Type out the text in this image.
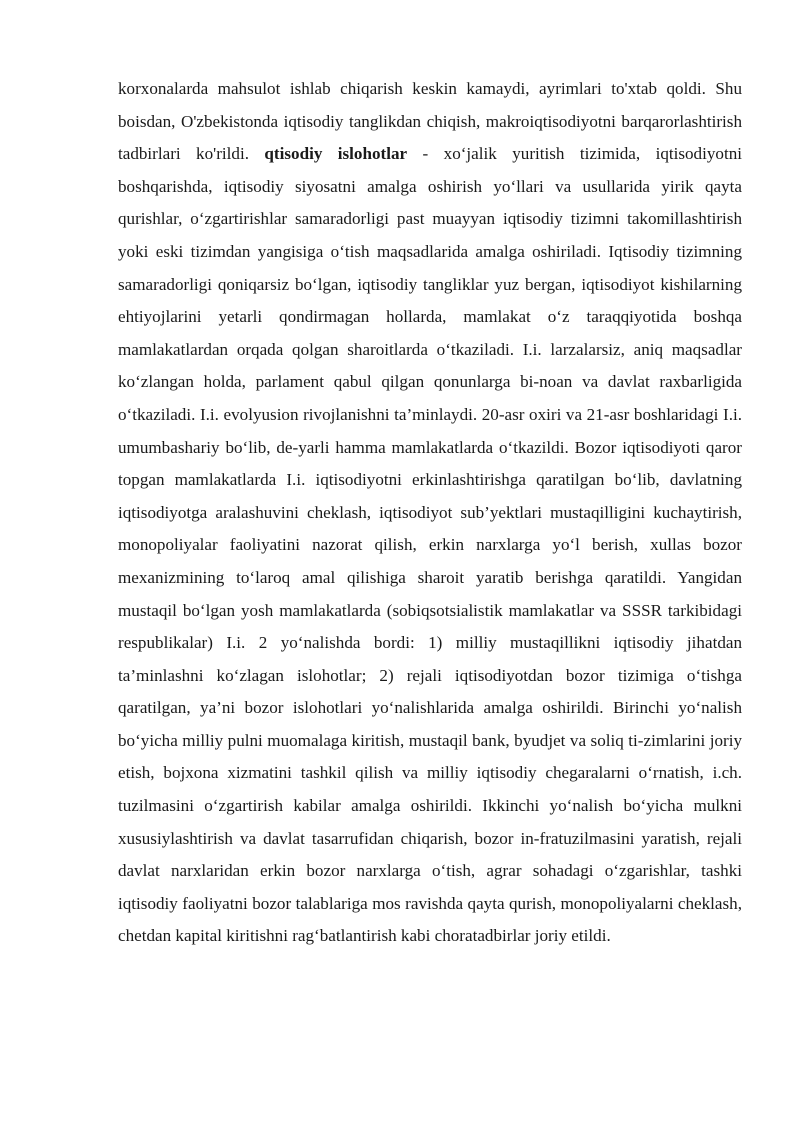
korxonalarda mahsulot ishlab chiqarish keskin kamaydi, ayrimlari to'xtab qoldi. Shu boisdan, O'zbekistonda iqtisodiy tanglikdan chiqish, makroiqtisodiyotni barqarorlashtirish tadbirlari ko'rildi. qtisodiy islohotlar - xo‘jalik yuritish tizimida, iqtisodiyotni boshqarishda, iqtisodiy siyosatni amalga oshirish yo‘llari va usullarida yirik qayta qurishlar, o‘zgartirishlar samaradorligi past muayyan iqtisodiy tizimni takomillashtirish yoki eski tizimdan yangisiga o‘tish maqsadlarida amalga oshiriladi. Iqtisodiy tizimning samaradorligi qoniqarsiz bo‘lgan, iqtisodiy tangliklar yuz bergan, iqtisodiyot kishilarning ehtiyojlarini yetarli qondirmagan hollarda, mamlakat o‘z taraqqiyotida boshqa mamlakatlardan orqada qolgan sharoitlarda o‘tkaziladi. I.i. larzalarsiz, aniq maqsadlar ko‘zlangan holda, parlament qabul qilgan qonunlarga bi-noan va davlat raxbarligida o‘tkaziladi. I.i. evolyusion rivojlanishni ta’minlaydi. 20-asr oxiri va 21-asr boshlaridagi I.i. umumbashariy bo‘lib, de-yarli hamma mamlakatlarda o‘tkazildi. Bozor iqtisodiyoti qaror topgan mamlakatlarda I.i. iqtisodiyotni erkinlashtirishga qaratilgan bo‘lib, davlatning iqtisodiyotga aralashuvini cheklash, iqtisodiyot sub’yektlari mustaqilligini kuchaytirish, monopoliyalar faoliyatini nazorat qilish, erkin narxlarga yo‘l berish, xullas bozor mexanizmining to‘laroq amal qilishiga sharoit yaratib berishga qaratildi. Yangidan mustaqil bo‘lgan yosh mamlakatlarda (sobiqsotsialistik mamlakatlar va SSSR tarkibidagi respublikalar) I.i. 2 yo‘nalishda bordi: 1) milliy mustaqillikni iqtisodiy jihatdan ta’minlashni ko‘zlagan islohotlar; 2) rejali iqtisodiyotdan bozor tizimiga o‘tishga qaratilgan, ya’ni bozor islohotlari yo‘nalishlarida amalga oshirildi. Birinchi yo‘nalish bo‘yicha milliy pulni muomalaga kiritish, mustaqil bank, byudjet va soliq ti-zimlarini joriy etish, bojxona xizmatini tashkil qilish va milliy iqtisodiy chegaralarni o‘rnatish, i.ch. tuzilmasini o‘zgartirish kabilar amalga oshirildi. Ikkinchi yo‘nalish bo‘yicha mulkni xususiylashtirish va davlat tasarrufidan chiqarish, bozor in-fratuzilmasini yaratish, rejali davlat narxlaridan erkin bozor narxlarga o‘tish, agrar sohadagi o‘zgarishlar, tashki iqtisodiy faoliyatni bozor talablariga mos ravishda qayta qurish, monopoliyalarni cheklash, chetdan kapital kiritishni rag‘batlantirish kabi choratadbirlar joriy etildi.
